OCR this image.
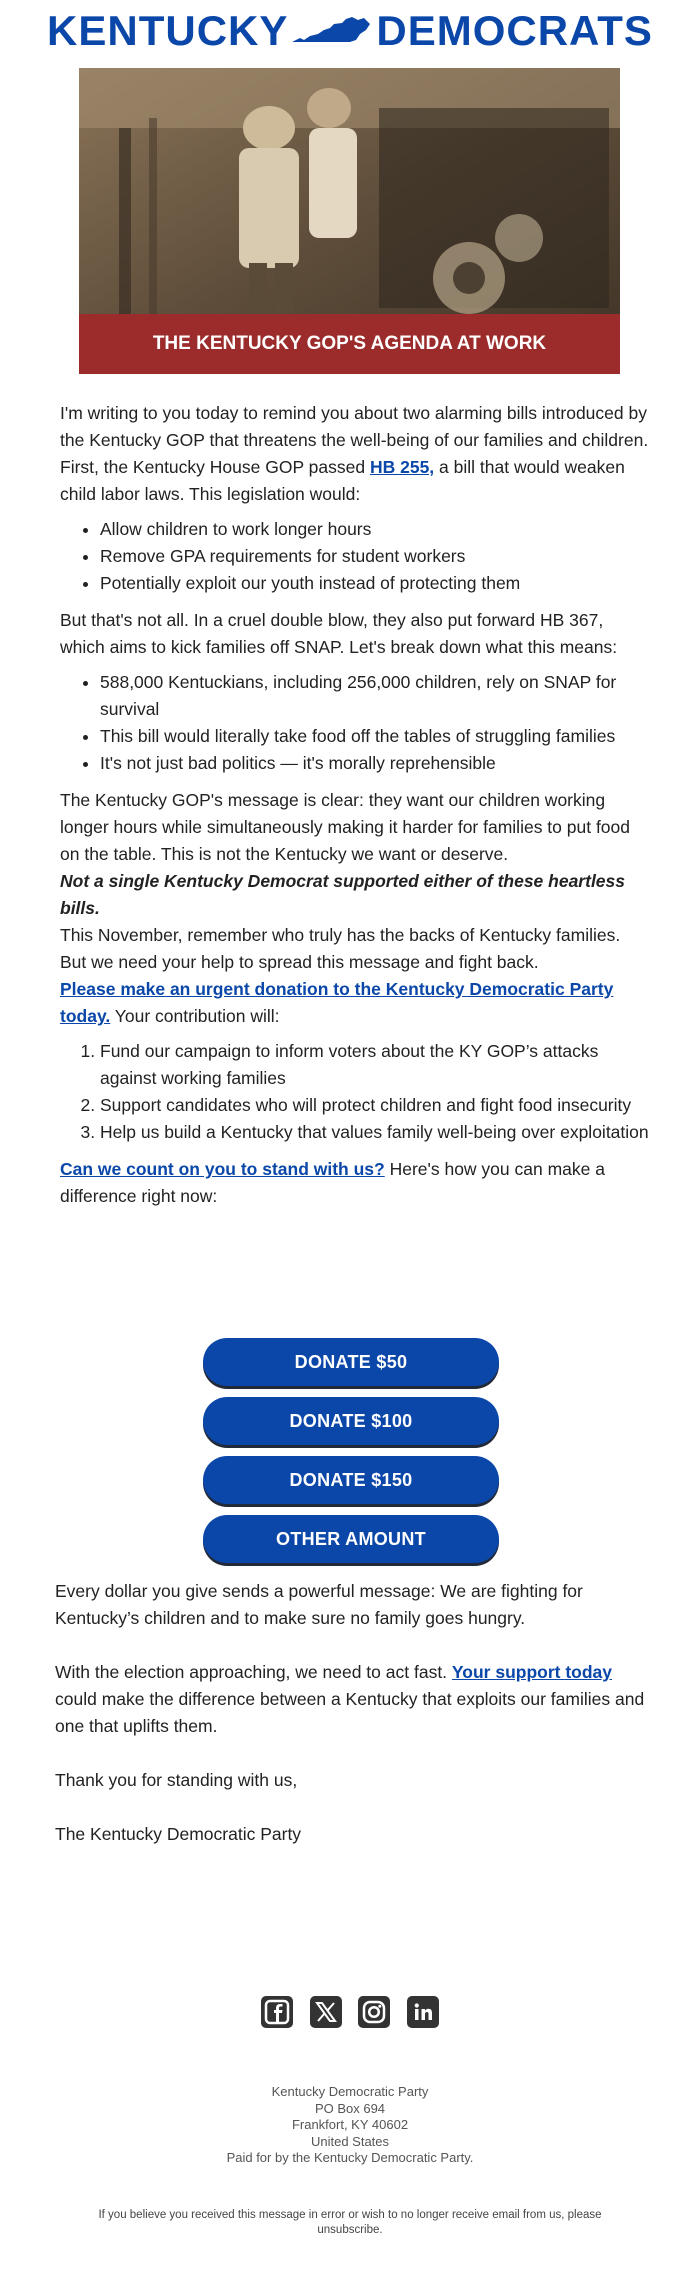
KENTUCKY DEMOCRATS
THE KENTUCKY GOP'S AGENDA AT WORK

I'm writing to you today to remind you about two alarming bills introduced by the Kentucky GOP that threatens the well-being of our families and children.

First, the Kentucky House GOP passed HB 255, a bill that would weaken child labor laws. This legislation would:

• Allow children to work longer hours
• Remove GPA requirements for student workers
• Potentially exploit our youth instead of protecting them

But that's not all. In a cruel double blow, they also put forward HB 367, which aims to kick families off SNAP. Let's break down what this means:

• 588,000 Kentuckians, including 256,000 children, rely on SNAP for survival
• This bill would literally take food off the tables of struggling families
• It's not just bad politics — it's morally reprehensible

The Kentucky GOP's message is clear: they want our children working longer hours while simultaneously making it harder for families to put food on the table. This is not the Kentucky we want or deserve.

Not a single Kentucky Democrat supported either of these heartless bills.

This November, remember who truly has the backs of Kentucky families. But we need your help to spread this message and fight back.

Please make an urgent donation to the Kentucky Democratic Party today. Your contribution will:

1. Fund our campaign to inform voters about the KY GOP’s attacks against working families
2. Support candidates who will protect children and fight food insecurity
3. Help us build a Kentucky that values family well-being over exploitation

Can we count on you to stand with us? Here's how you can make a difference right now:

DONATE $50
DONATE $100
DONATE $150
OTHER AMOUNT

Every dollar you give sends a powerful message: We are fighting for Kentucky’s children and to make sure no family goes hungry.

With the election approaching, we need to act fast. Your support today could make the difference between a Kentucky that exploits our families and one that uplifts them.

Thank you for standing with us,

The Kentucky Democratic Party

Kentucky Democratic Party
PO Box 694
Frankfort, KY 40602
United States
Paid for by the Kentucky Democratic Party.
If you believe you received this message in error or wish to no longer receive email from us, please unsubscribe.
